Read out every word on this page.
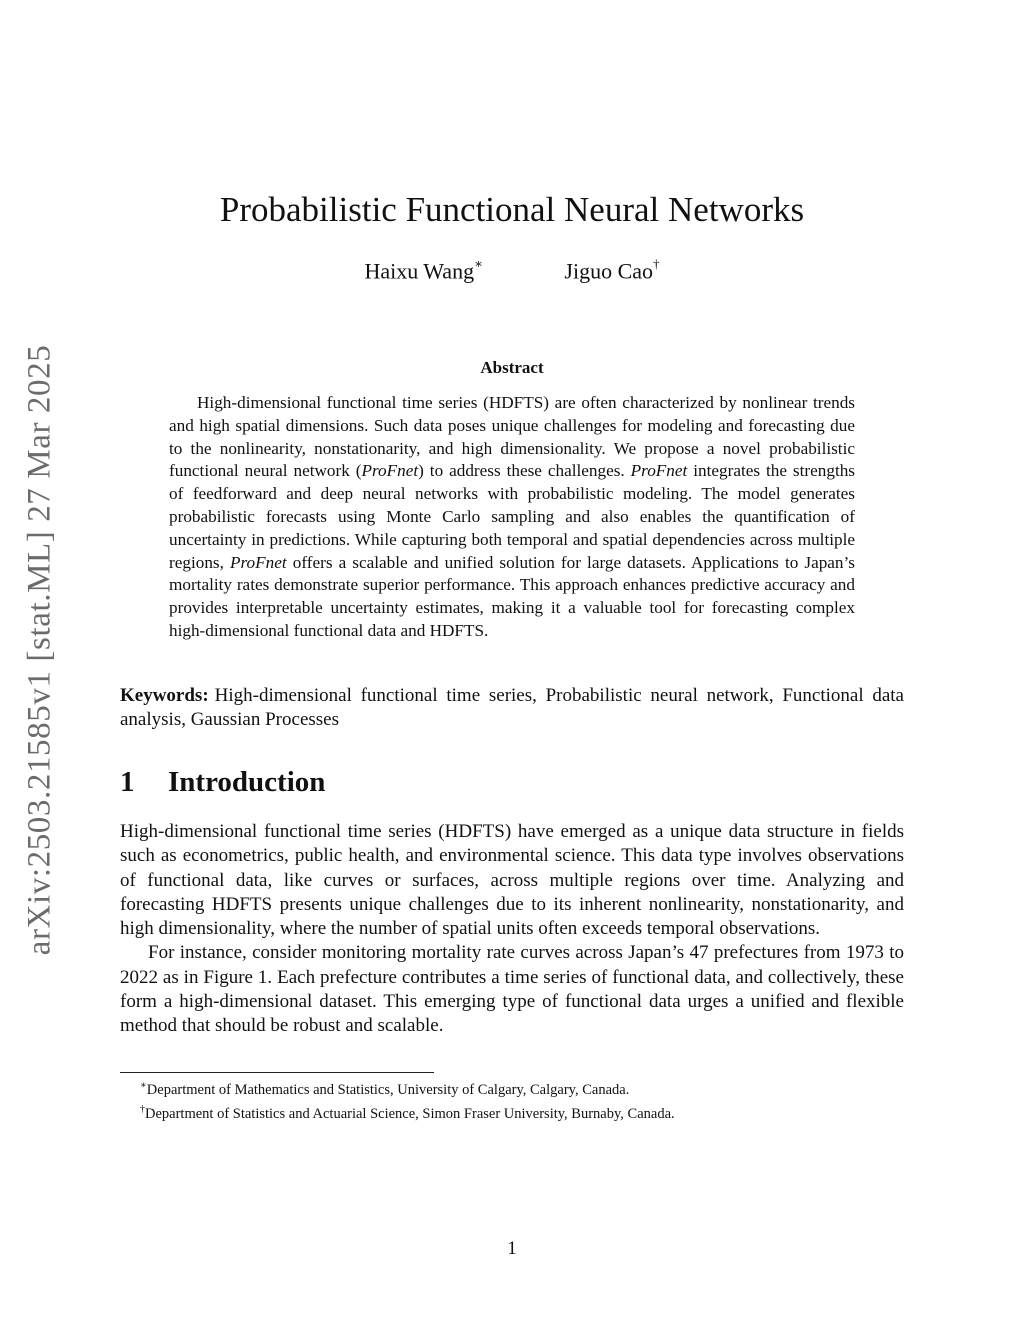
arXiv:2503.21585v1 [stat.ML] 27 Mar 2025
Probabilistic Functional Neural Networks
Haixu Wang∗	Jiguo Cao†
Abstract
High-dimensional functional time series (HDFTS) are often characterized by nonlinear trends and high spatial dimensions. Such data poses unique challenges for modeling and forecasting due to the nonlinearity, nonstationarity, and high dimensionality. We propose a novel probabilistic functional neural network (ProFnet) to address these challenges. ProFnet integrates the strengths of feedforward and deep neural networks with probabilistic modeling. The model generates probabilistic forecasts using Monte Carlo sampling and also enables the quantification of uncertainty in predictions. While capturing both temporal and spatial dependencies across multiple regions, ProFnet offers a scalable and unified solution for large datasets. Applications to Japan’s mortality rates demonstrate superior performance. This approach enhances predictive accuracy and provides interpretable uncertainty estimates, making it a valuable tool for forecasting complex high-dimensional functional data and HDFTS.
Keywords: High-dimensional functional time series, Probabilistic neural network, Functional data analysis, Gaussian Processes
1 Introduction

High-dimensional functional time series (HDFTS) have emerged as a unique data structure in fields such as econometrics, public health, and environmental science. This data type involves observations of functional data, like curves or surfaces, across multiple regions over time. Analyzing and forecasting HDFTS presents unique challenges due to its inherent nonlinearity, nonstationarity, and high dimensionality, where the number of spatial units often exceeds temporal observations.

For instance, consider monitoring mortality rate curves across Japan’s 47 prefectures from 1973 to 2022 as in Figure 1. Each prefecture contributes a time series of functional data, and collectively, these form a high-dimensional dataset. This emerging type of functional data urges a unified and flexible method that should be robust and scalable.

∗Department of Mathematics and Statistics, University of Calgary, Calgary, Canada.

†Department of Statistics and Actuarial Science, Simon Fraser University, Burnaby, Canada.

1
